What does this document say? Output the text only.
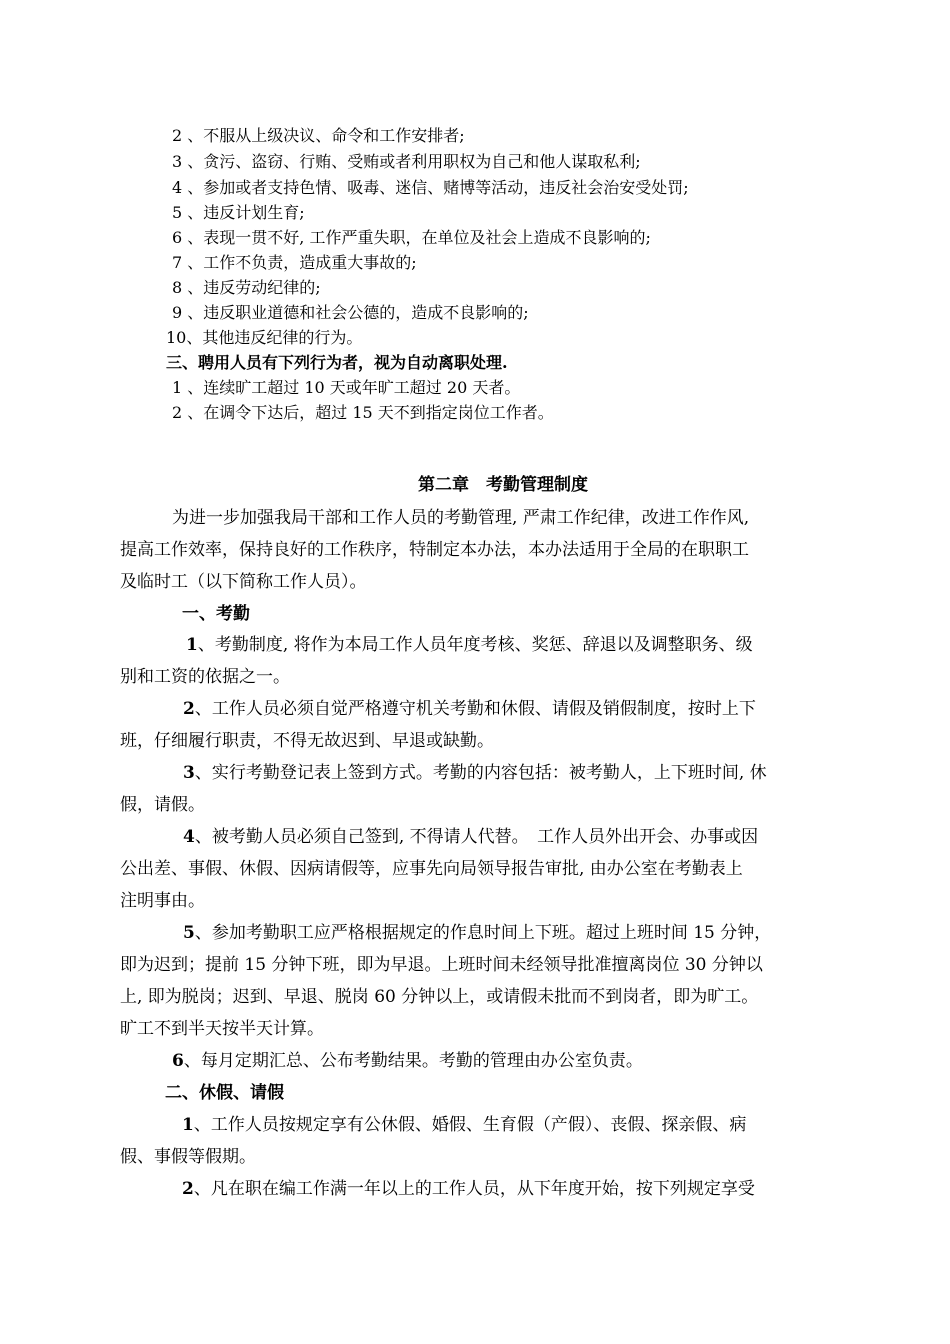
2 、不服从上级决议、命令和工作安排者;
3 、贪污、盗窃、行贿、受贿或者利用职权为自己和他人谋取私利;
4 、参加或者支持色情、吸毒、迷信、赌博等活动，违反社会治安受处罚;
5 、违反计划生育;
6 、表现一贯不好, 工作严重失职，在单位及社会上造成不良影响的;
7 、工作不负责，造成重大事故的;
8 、违反劳动纪律的;
9 、违反职业道德和社会公德的，造成不良影响的;
10、其他违反纪律的行为。
三、聘用人员有下列行为者，视为自动离职处理.
1 、连续旷工超过 10 天或年旷工超过 20 天者。
2 、在调令下达后，超过 15 天不到指定岗位工作者。
第二章　考勤管理制度
为进一步加强我局干部和工作人员的考勤管理, 严肃工作纪律，改进工作作风,
提高工作效率，保持良好的工作秩序，特制定本办法，本办法适用于全局的在职职工
及临时工（以下简称工作人员）。
一、考勤
1、考勤制度, 将作为本局工作人员年度考核、奖惩、辞退以及调整职务、级
别和工资的依据之一。
2、工作人员必须自觉严格遵守机关考勤和休假、请假及销假制度，按时上下
班，仔细履行职责，不得无故迟到、早退或缺勤。
3、实行考勤登记表上签到方式。考勤的内容包括：被考勤人，上下班时间, 休
假，请假。
4、被考勤人员必须自己签到, 不得请人代替。　工作人员外出开会、办事或因
公出差、事假、休假、因病请假等，应事先向局领导报告审批, 由办公室在考勤表上
注明事由。
5、参加考勤职工应严格根据规定的作息时间上下班。超过上班时间 15 分钟，
即为迟到；提前 15 分钟下班，即为早退。上班时间未经领导批准擅离岗位 30 分钟以
上, 即为脱岗；迟到、早退、脱岗 60 分钟以上，或请假未批而不到岗者，即为旷工。
旷工不到半天按半天计算。
6、每月定期汇总、公布考勤结果。考勤的管理由办公室负责。
二、休假、请假
1、工作人员按规定享有公休假、婚假、生育假（产假）、丧假、探亲假、病
假、事假等假期。
2、凡在职在编工作满一年以上的工作人员，从下年度开始，按下列规定享受
